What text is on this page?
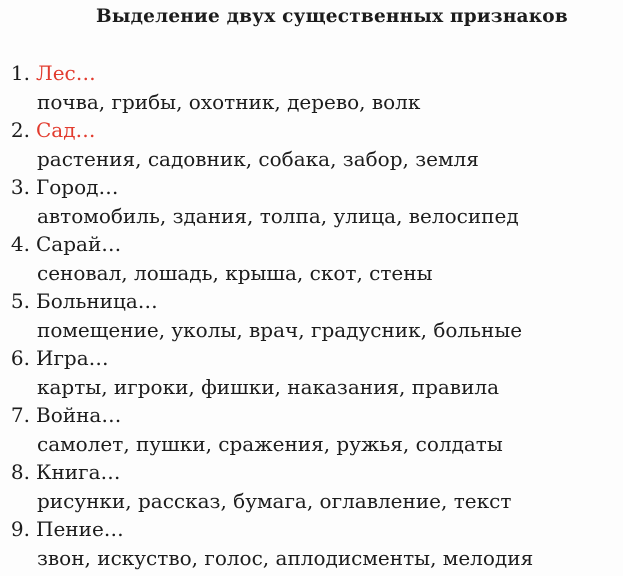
Выделение двух существенных признаков
1. Лес…
почва, грибы, охотник, дерево, волк
2. Сад…
растения, садовник, собака, забор, земля
3. Город…
автомобиль, здания, толпа, улица, велосипед
4. Сарай…
сеновал, лошадь, крыша, скот, стены
5. Больница…
помещение, уколы, врач, градусник, больные
6. Игра…
карты, игроки, фишки, наказания, правила
7. Война…
самолет, пушки, сражения, ружья, солдаты
8. Книга…
рисунки, рассказ, бумага, оглавление, текст
9. Пение…
звон, искуство, голос, аплодисменты, мелодия
